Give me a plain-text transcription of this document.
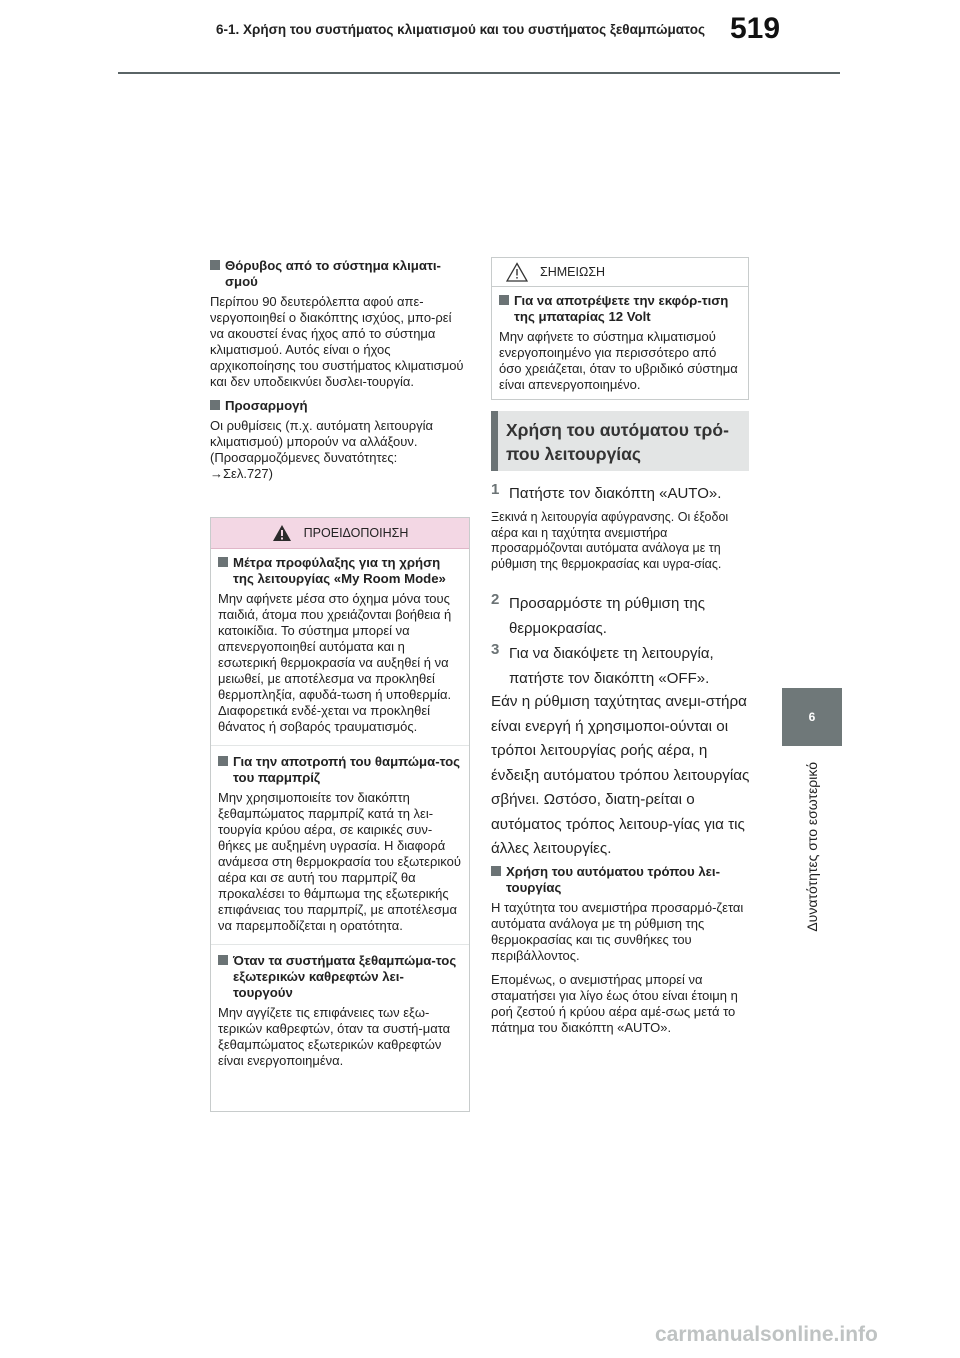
6-1. Χρήση του συστήματος κλιματισμού και του συστήματος ξεθαμπώματος 519
6
Δυνατότητες στο εσωτερικό
Θόρυβος από το σύστημα κλιματι-σμού
Περίπου 90 δευτερόλεπτα αφού απε-νεργοποιηθεί ο διακόπτης ισχύος, μπο-ρεί να ακουστεί ένας ήχος από το σύστημα κλιματισμού. Αυτός είναι ο ήχος αρχικοποίησης του συστήματος κλιματισμού και δεν υποδεικνύει δυσλει-τουργία.
Προσαρμογή
Οι ρυθμίσεις (π.χ. αυτόματη λειτουργία κλιματισμού) μπορούν να αλλάξουν. (Προσαρμοζόμενες δυνατότητες:
→Σελ.727)
ΠΡΟΕΙΔΟΠΟΙΗΣΗ
Μέτρα προφύλαξης για τη χρήση της λειτουργίας «My Room Mode»
Μην αφήνετε μέσα στο όχημα μόνα τους παιδιά, άτομα που χρειάζονται βοήθεια ή κατοικίδια. Το σύστημα μπορεί να απενεργοποιηθεί αυτόματα και η εσωτερική θερμοκρασία να αυξηθεί ή να μειωθεί, με αποτέλεσμα να προκληθεί θερμοπληξία, αφυδά-τωση ή υποθερμία. Διαφορετικά ενδέ-χεται να προκληθεί θάνατος ή σοβαρός τραυματισμός.
Για την αποτροπή του θαμπώμα-τος του παρμπρίζ
Μην χρησιμοποιείτε τον διακόπτη ξεθαμπώματος παρμπρίζ κατά τη λει-τουργία κρύου αέρα, σε καιρικές συν-θήκες με αυξημένη υγρασία. Η διαφορά ανάμεσα στη θερμοκρασία του εξωτερικού αέρα και σε αυτή του παρμπρίζ θα προκαλέσει το θάμπωμα της εξωτερικής επιφάνειας του παρμπρίζ, με αποτέλεσμα να παρεμποδίζεται η ορατότητα.
Όταν τα συστήματα ξεθαμπώμα-τος εξωτερικών καθρεφτών λει-τουργούν
Μην αγγίζετε τις επιφάνειες των εξω-τερικών καθρεφτών, όταν τα συστή-ματα ξεθαμπώματος εξωτερικών καθρεφτών είναι ενεργοποιημένα.
ΣΗΜΕΙΩΣΗ
Για να αποτρέψετε την εκφόρ-τιση της μπαταρίας 12 Volt
Μην αφήνετε το σύστημα κλιματισμού ενεργοποιημένο για περισσότερο από όσο χρειάζεται, όταν το υβριδικό σύστημα είναι απενεργοποιημένο.
Χρήση του αυτόματου τρό-που λειτουργίας
1 Πατήστε τον διακόπτη «AUTO».
Ξεκινά η λειτουργία αφύγρανσης. Οι έξοδοι αέρα και η ταχύτητα ανεμιστήρα προσαρμόζονται αυτόματα ανάλογα με τη ρύθμιση της θερμοκρασίας και υγρα-σίας.
2 Προσαρμόστε τη ρύθμιση της θερμοκρασίας.
3 Για να διακόψετε τη λειτουργία, πατήστε τον διακόπτη «OFF».
Εάν η ρύθμιση ταχύτητας ανεμι-στήρα είναι ενεργή ή χρησιμοποι-ούνται οι τρόποι λειτουργίας ροής αέρα, η ένδειξη αυτόματου τρόπου λειτουργίας σβήνει. Ωστόσο, διατη-ρείται ο αυτόματος τρόπος λειτουρ-γίας για τις άλλες λειτουργίες.
Χρήση του αυτόματου τρόπου λει-τουργίας
Η ταχύτητα του ανεμιστήρα προσαρμό-ζεται αυτόματα ανάλογα με τη ρύθμιση της θερμοκρασίας και τις συνθήκες του περιβάλλοντος.
Επομένως, ο ανεμιστήρας μπορεί να σταματήσει για λίγο έως ότου είναι έτοιμη η ροή ζεστού ή κρύου αέρα αμέ-σως μετά το πάτημα του διακόπτη «AUTO».
carmanualsonline.info
